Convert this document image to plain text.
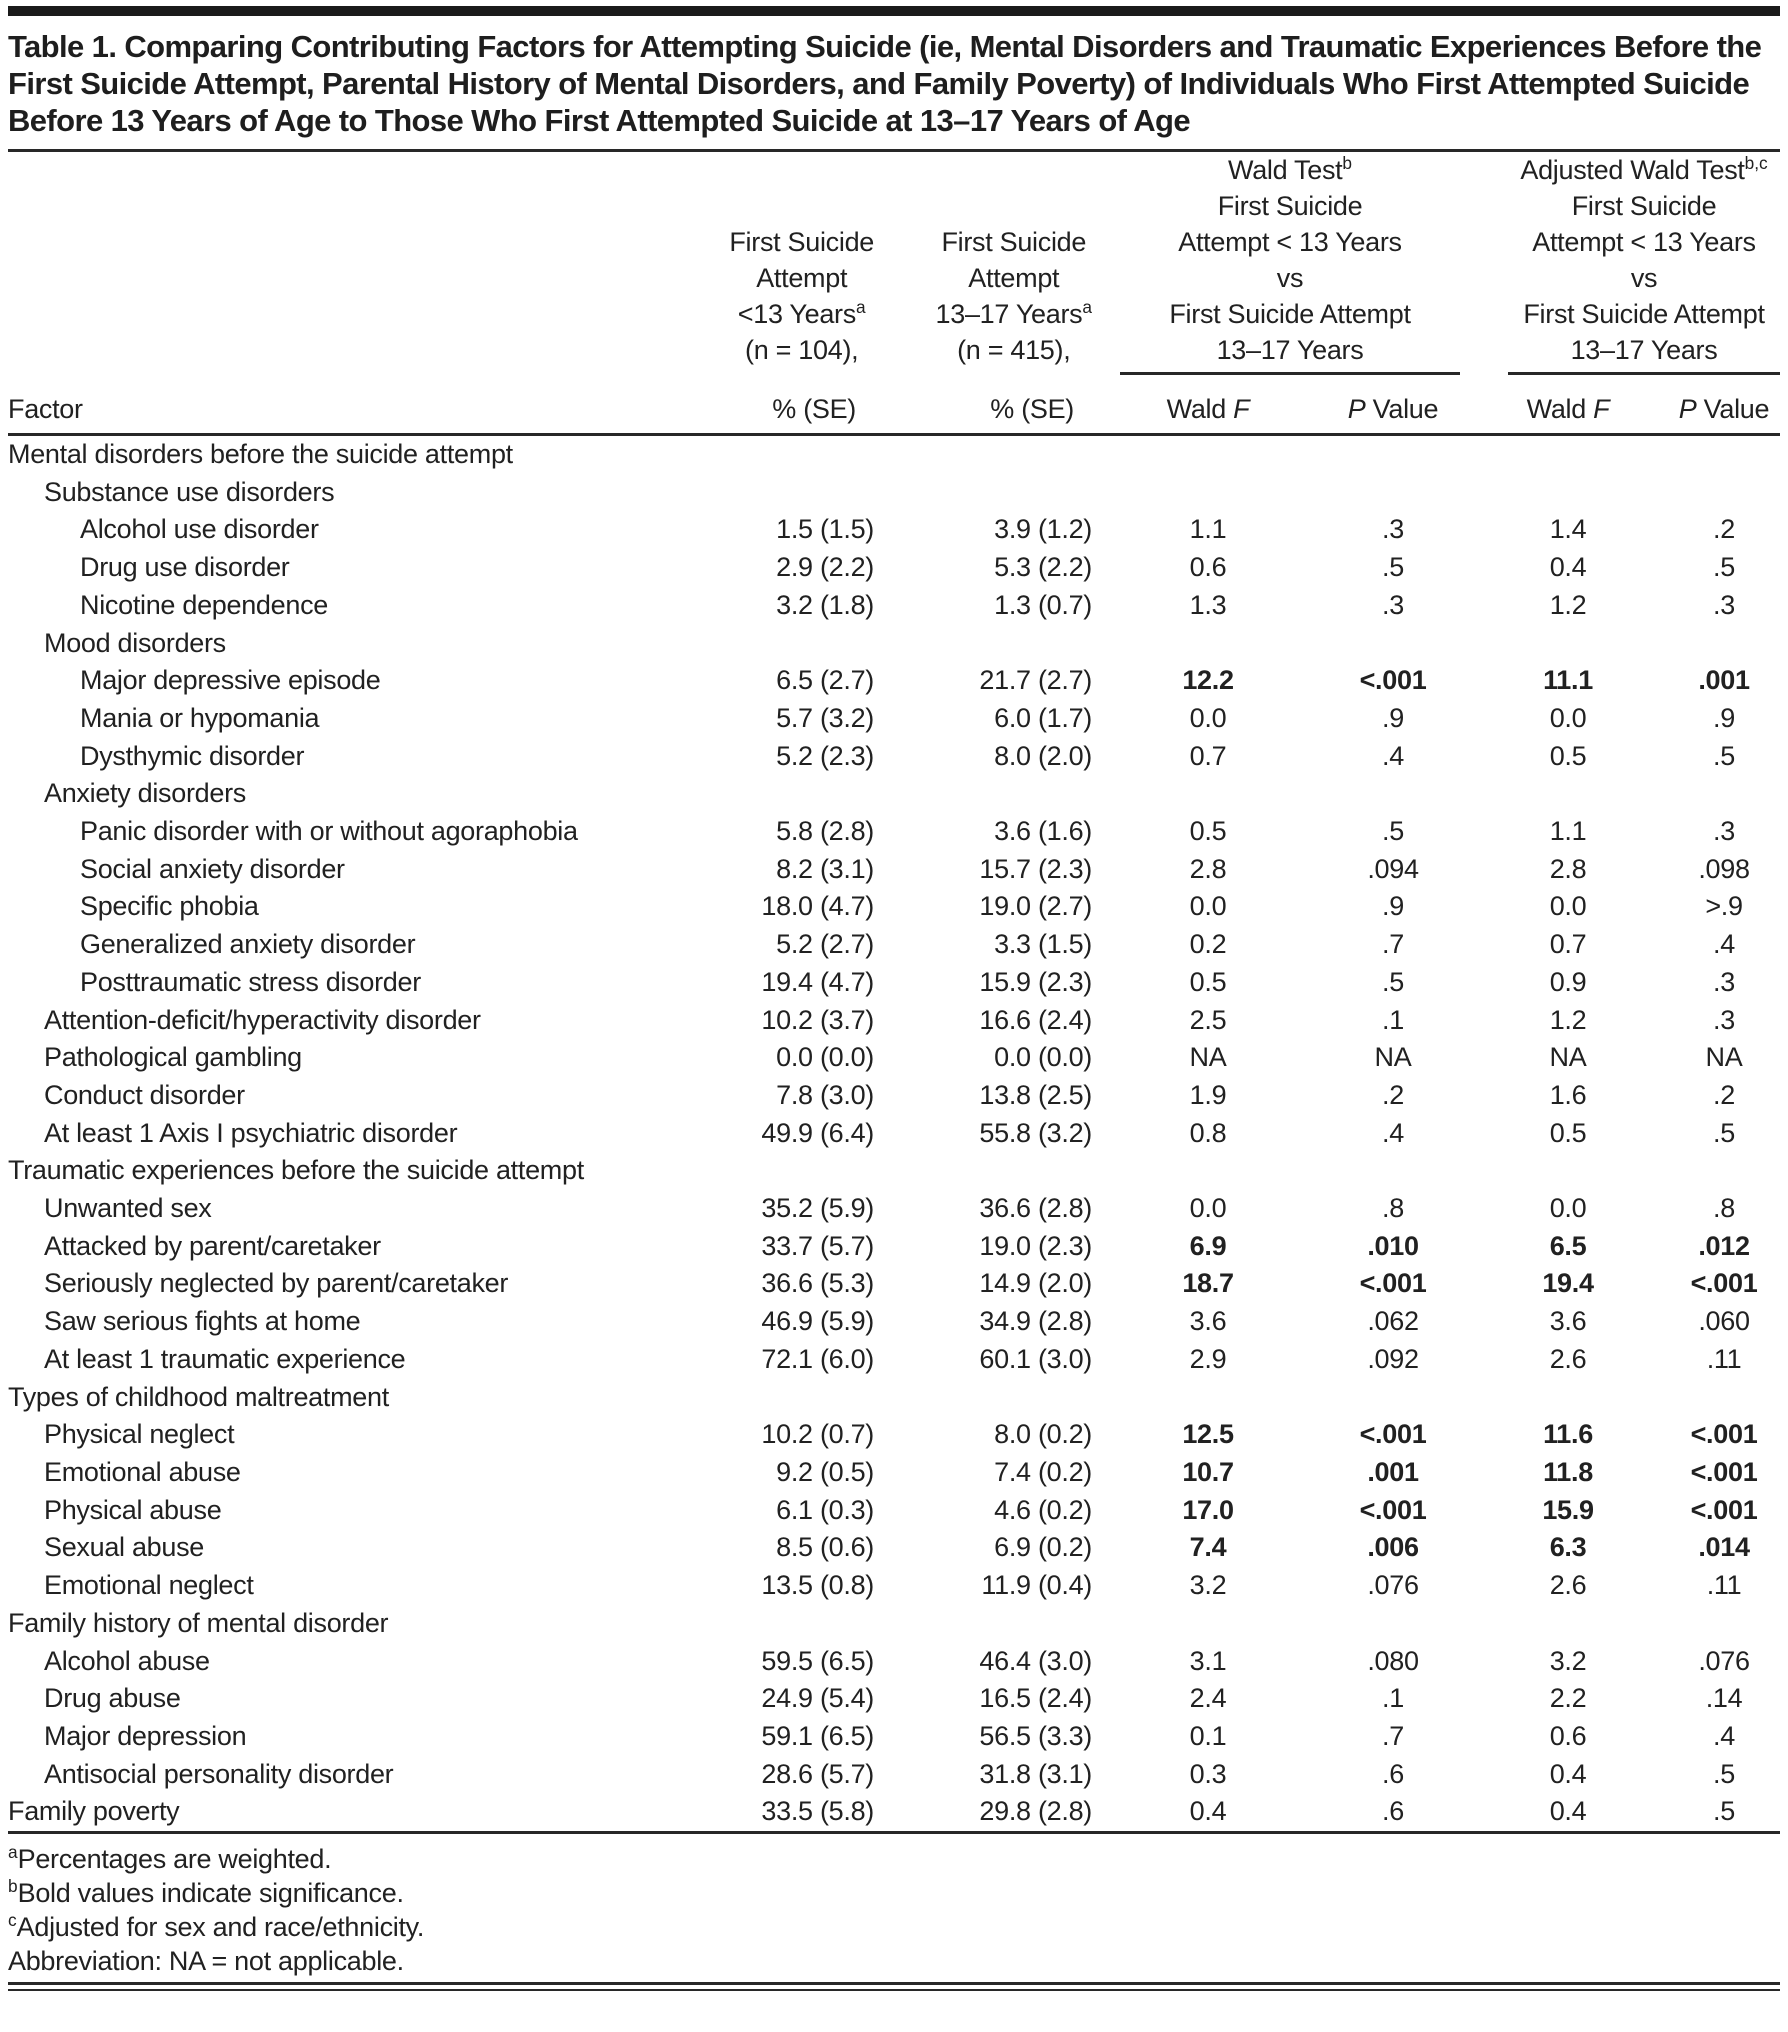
Table 1. Comparing Contributing Factors for Attempting Suicide (ie, Mental Disorders and Traumatic Experiences Before the First Suicide Attempt, Parental History of Mental Disorders, and Family Poverty) of Individuals Who First Attempted Suicide Before 13 Years of Age to Those Who First Attempted Suicide at 13–17 Years of Age

First Suicide
Attempt
<13 Years$^a$
(n = 104),

First Suicide
Attempt
13–17 Years$^a$
(n = 415),

Wald Test$^b$
First Suicide
Attempt < 13 Years
vs
First Suicide Attempt
13–17 Years

Adjusted Wald Test$^{b,c}$
First Suicide
Attempt < 13 Years
vs
First Suicide Attempt
13–17 Years

Factor	% (SE)	% (SE)	Wald F	P Value	Wald F	P Value
Mental disorders before the suicide attempt						
Substance use disorders						
Alcohol use disorder	1.5 (1.5)	3.9 (1.2)	1.1	.3	1.4	.2
Drug use disorder	2.9 (2.2)	5.3 (2.2)	0.6	.5	0.4	.5
Nicotine dependence	3.2 (1.8)	1.3 (0.7)	1.3	.3	1.2	.3
Mood disorders						
Major depressive episode	6.5 (2.7)	21.7 (2.7)	12.2	<.001	11.1	.001
Mania or hypomania	5.7 (3.2)	6.0 (1.7)	0.0	.9	0.0	.9
Dysthymic disorder	5.2 (2.3)	8.0 (2.0)	0.7	.4	0.5	.5
Anxiety disorders						
Panic disorder with or without agoraphobia	5.8 (2.8)	3.6 (1.6)	0.5	.5	1.1	.3
Social anxiety disorder	8.2 (3.1)	15.7 (2.3)	2.8	.094	2.8	.098
Specific phobia	18.0 (4.7)	19.0 (2.7)	0.0	.9	0.0	>.9
Generalized anxiety disorder	5.2 (2.7)	3.3 (1.5)	0.2	.7	0.7	.4
Posttraumatic stress disorder	19.4 (4.7)	15.9 (2.3)	0.5	.5	0.9	.3
Attention-deficit/hyperactivity disorder	10.2 (3.7)	16.6 (2.4)	2.5	.1	1.2	.3
Pathological gambling	0.0 (0.0)	0.0 (0.0)	NA	NA	NA	NA
Conduct disorder	7.8 (3.0)	13.8 (2.5)	1.9	.2	1.6	.2
At least 1 Axis I psychiatric disorder	49.9 (6.4)	55.8 (3.2)	0.8	.4	0.5	.5
Traumatic experiences before the suicide attempt						
Unwanted sex	35.2 (5.9)	36.6 (2.8)	0.0	.8	0.0	.8
Attacked by parent/caretaker	33.7 (5.7)	19.0 (2.3)	6.9	.010	6.5	.012
Seriously neglected by parent/caretaker	36.6 (5.3)	14.9 (2.0)	18.7	<.001	19.4	<.001
Saw serious fights at home	46.9 (5.9)	34.9 (2.8)	3.6	.062	3.6	.060
At least 1 traumatic experience	72.1 (6.0)	60.1 (3.0)	2.9	.092	2.6	.11
Types of childhood maltreatment						
Physical neglect	10.2 (0.7)	8.0 (0.2)	12.5	<.001	11.6	<.001
Emotional abuse	9.2 (0.5)	7.4 (0.2)	10.7	.001	11.8	<.001
Physical abuse	6.1 (0.3)	4.6 (0.2)	17.0	<.001	15.9	<.001
Sexual abuse	8.5 (0.6)	6.9 (0.2)	7.4	.006	6.3	.014
Emotional neglect	13.5 (0.8)	11.9 (0.4)	3.2	.076	2.6	.11
Family history of mental disorder						
Alcohol abuse	59.5 (6.5)	46.4 (3.0)	3.1	.080	3.2	.076
Drug abuse	24.9 (5.4)	16.5 (2.4)	2.4	.1	2.2	.14
Major depression	59.1 (6.5)	56.5 (3.3)	0.1	.7	0.6	.4
Antisocial personality disorder	28.6 (5.7)	31.8 (3.1)	0.3	.6	0.4	.5
Family poverty	33.5 (5.8)	29.8 (2.8)	0.4	.6	0.4	.5
$^a$Percentages are weighted.
$^b$Bold values indicate significance.
$^c$Adjusted for sex and race/ethnicity.
Abbreviation: NA = not applicable.
